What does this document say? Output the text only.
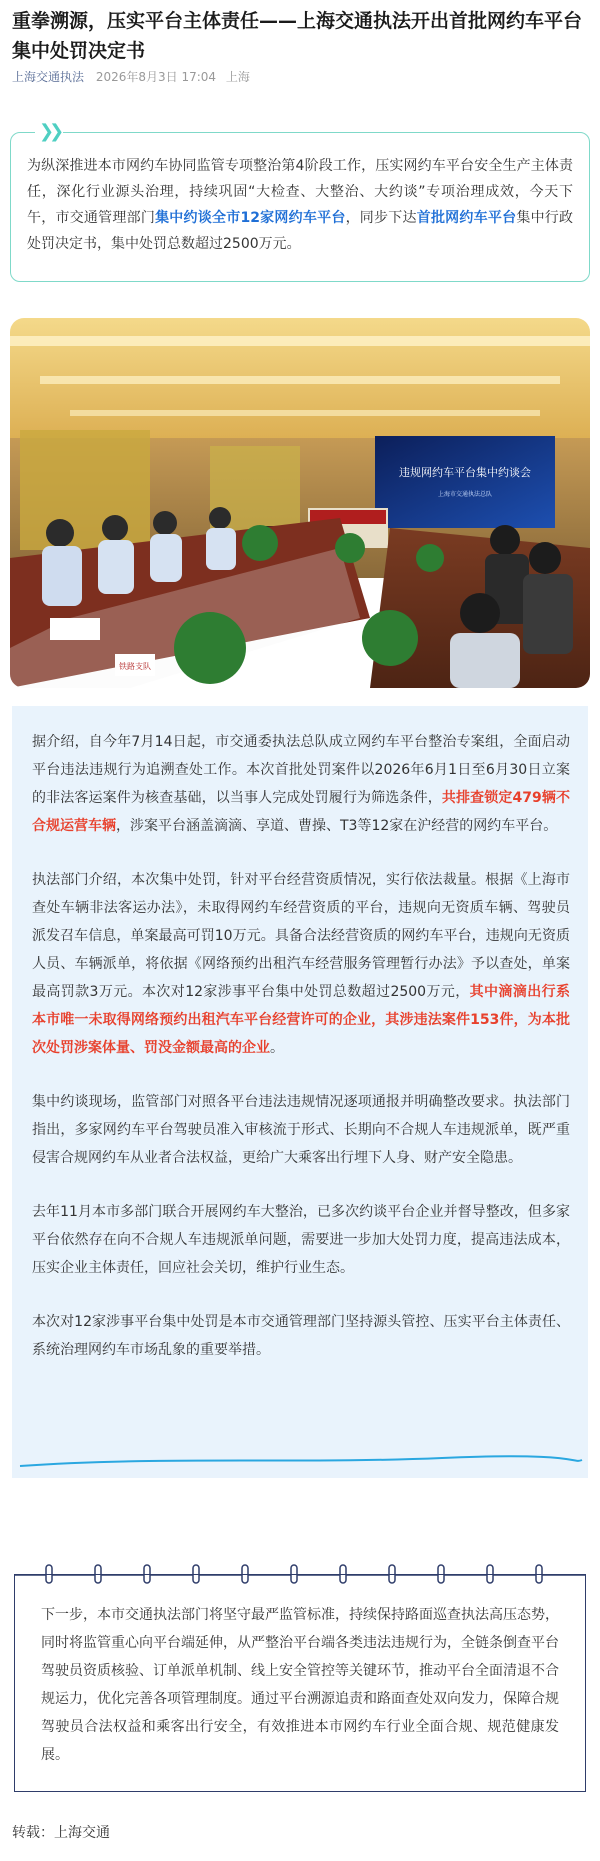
重拳溯源，压实平台主体责任——上海交通执法开出首批网约车平台集中处罚决定书
上海交通执法 2026年8月3日 17:04 上海
❯❯

为纵深推进本市网约车协同监管专项整治第4阶段工作，压实网约车平台安全生产主体责任，深化行业源头治理，持续巩固“大检查、大整治、大约谈”专项治理成效，今天下午，市交通管理部门集中约谈全市12家网约车平台，同步下达首批网约车平台集中行政处罚决定书，集中处罚总数超过2500万元。

违规网约车平台集中约谈会
上海市交通执法总队
铁路支队

据介绍，自今年7月14日起，市交通委执法总队成立网约车平台整治专案组，全面启动平台违法违规行为追溯查处工作。本次首批处罚案件以2026年6月1日至6月30日立案的非法客运案件为核查基础，以当事人完成处罚履行为筛选条件，共排查锁定479辆不合规运营车辆，涉案平台涵盖滴滴、享道、曹操、T3等12家在沪经营的网约车平台。

执法部门介绍，本次集中处罚，针对平台经营资质情况，实行依法裁量。根据《上海市查处车辆非法客运办法》，未取得网约车经营资质的平台，违规向无资质车辆、驾驶员派发召车信息，单案最高可罚10万元。具备合法经营资质的网约车平台，违规向无资质人员、车辆派单，将依据《网络预约出租汽车经营服务管理暂行办法》予以查处，单案最高罚款3万元。本次对12家涉事平台集中处罚总数超过2500万元，其中滴滴出行系本市唯一未取得网络预约出租汽车平台经营许可的企业，其涉违法案件153件，为本批次处罚涉案体量、罚没金额最高的企业。

集中约谈现场，监管部门对照各平台违法违规情况逐项通报并明确整改要求。执法部门指出，多家网约车平台驾驶员准入审核流于形式、长期向不合规人车违规派单，既严重侵害合规网约车从业者合法权益，更给广大乘客出行埋下人身、财产安全隐患。

去年11月本市多部门联合开展网约车大整治，已多次约谈平台企业并督导整改，但多家平台依然存在向不合规人车违规派单问题，需要进一步加大处罚力度，提高违法成本，压实企业主体责任，回应社会关切，维护行业生态。

本次对12家涉事平台集中处罚是本市交通管理部门坚持源头管控、压实平台主体责任、系统治理网约车市场乱象的重要举措。

下一步，本市交通执法部门将坚守最严监管标准，持续保持路面巡查执法高压态势，同时将监管重心向平台端延伸，从严整治平台端各类违法违规行为，全链条倒查平台驾驶员资质核验、订单派单机制、线上安全管控等关键环节，推动平台全面清退不合规运力，优化完善各项管理制度。通过平台溯源追责和路面查处双向发力，保障合规驾驶员合法权益和乘客出行安全，有效推进本市网约车行业全面合规、规范健康发展。

转载：上海交通
